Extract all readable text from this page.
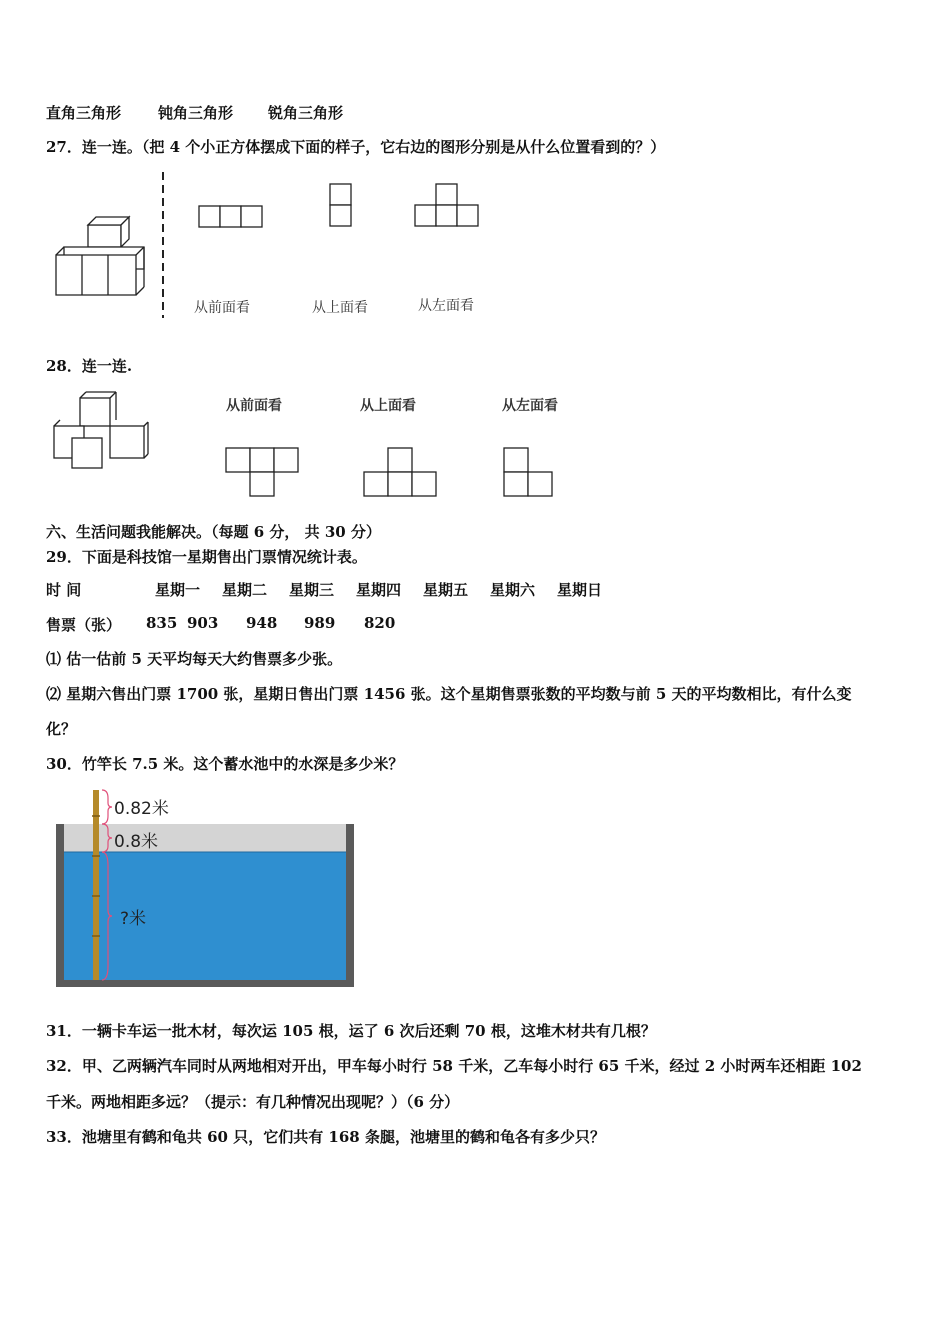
直角三角形 钝角三角形 锐角三角形
27．连一连。（把 4 个小正方体摆成下面的样子，它右边的图形分别是从什么位置看到的？）
从前面看	从上面看	从左面看
28．连一连.
从前面看	从上面看	从左面看
六、生活问题我能解决。（每题 6 分， 共 30 分）
29．下面是科技馆一星期售出门票情况统计表。
时 间	星期一 星期二 星期三 星期四 星期五 星期六 星期日
售票（张） 835 903 948 989 820
⑴ 估一估前 5 天平均每天大约售票多少张。
⑵ 星期六售出门票 1700 张，星期日售出门票 1456 张。这个星期售票张数的平均数与前 5 天的平均数相比，有什么变
化？
30．竹竿长 7.5 米。这个蓄水池中的水深是多少米？
0.82米
0.8米
?米
31．一辆卡车运一批木材，每次运 105 根，运了 6 次后还剩 70 根，这堆木材共有几根？
32．甲、乙两辆汽车同时从两地相对开出，甲车每小时行 58 千米，乙车每小时行 65 千米，经过 2 小时两车还相距 102
千米。两地相距多远？（提示：有几种情况出现呢？）（6 分）
33．池塘里有鹤和龟共 60 只，它们共有 168 条腿，池塘里的鹤和龟各有多少只？
